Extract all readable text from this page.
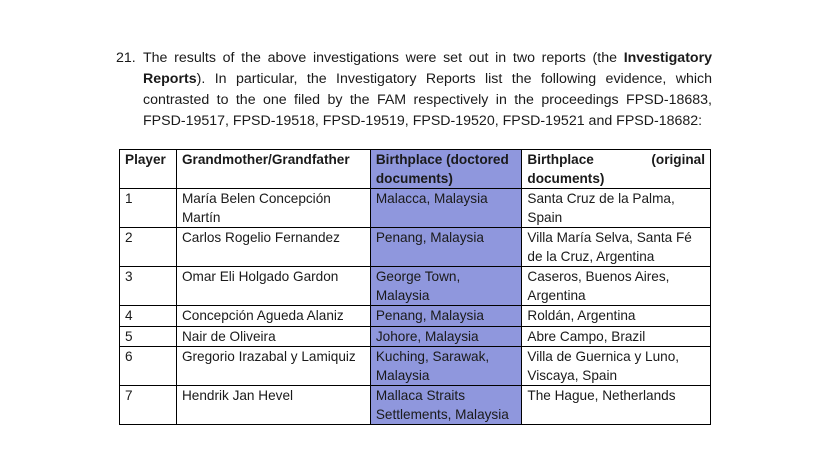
21. The results of the above investigations were set out in two reports (the Investigatory Reports). In particular, the Investigatory Reports list the following evidence, which contrasted to the one filed by the FAM respectively in the proceedings FPSD-18683, FPSD-19517, FPSD-19518, FPSD-19519, FPSD-19520, FPSD-19521 and FPSD-18682:
Player	Grandmother/Grandfather	Birthplace (doctored documents)	Birthplace (original
documents)

1	María Belen Concepción Martín	Malacca, Malaysia	Santa Cruz de la Palma, Spain
2	Carlos Rogelio Fernandez	Penang, Malaysia	Villa María Selva, Santa Fé de la Cruz, Argentina
3	Omar Eli Holgado Gardon	George Town, Malaysia	Caseros, Buenos Aires, Argentina
4	Concepción Agueda Alaniz	Penang, Malaysia	Roldán, Argentina
5	Nair de Oliveira	Johore, Malaysia	Abre Campo, Brazil
6	Gregorio Irazabal y Lamiquiz	Kuching, Sarawak, Malaysia	Villa de Guernica y Luno, Viscaya, Spain
7	Hendrik Jan Hevel	Mallaca Straits Settlements, Malaysia	The Hague, Netherlands
